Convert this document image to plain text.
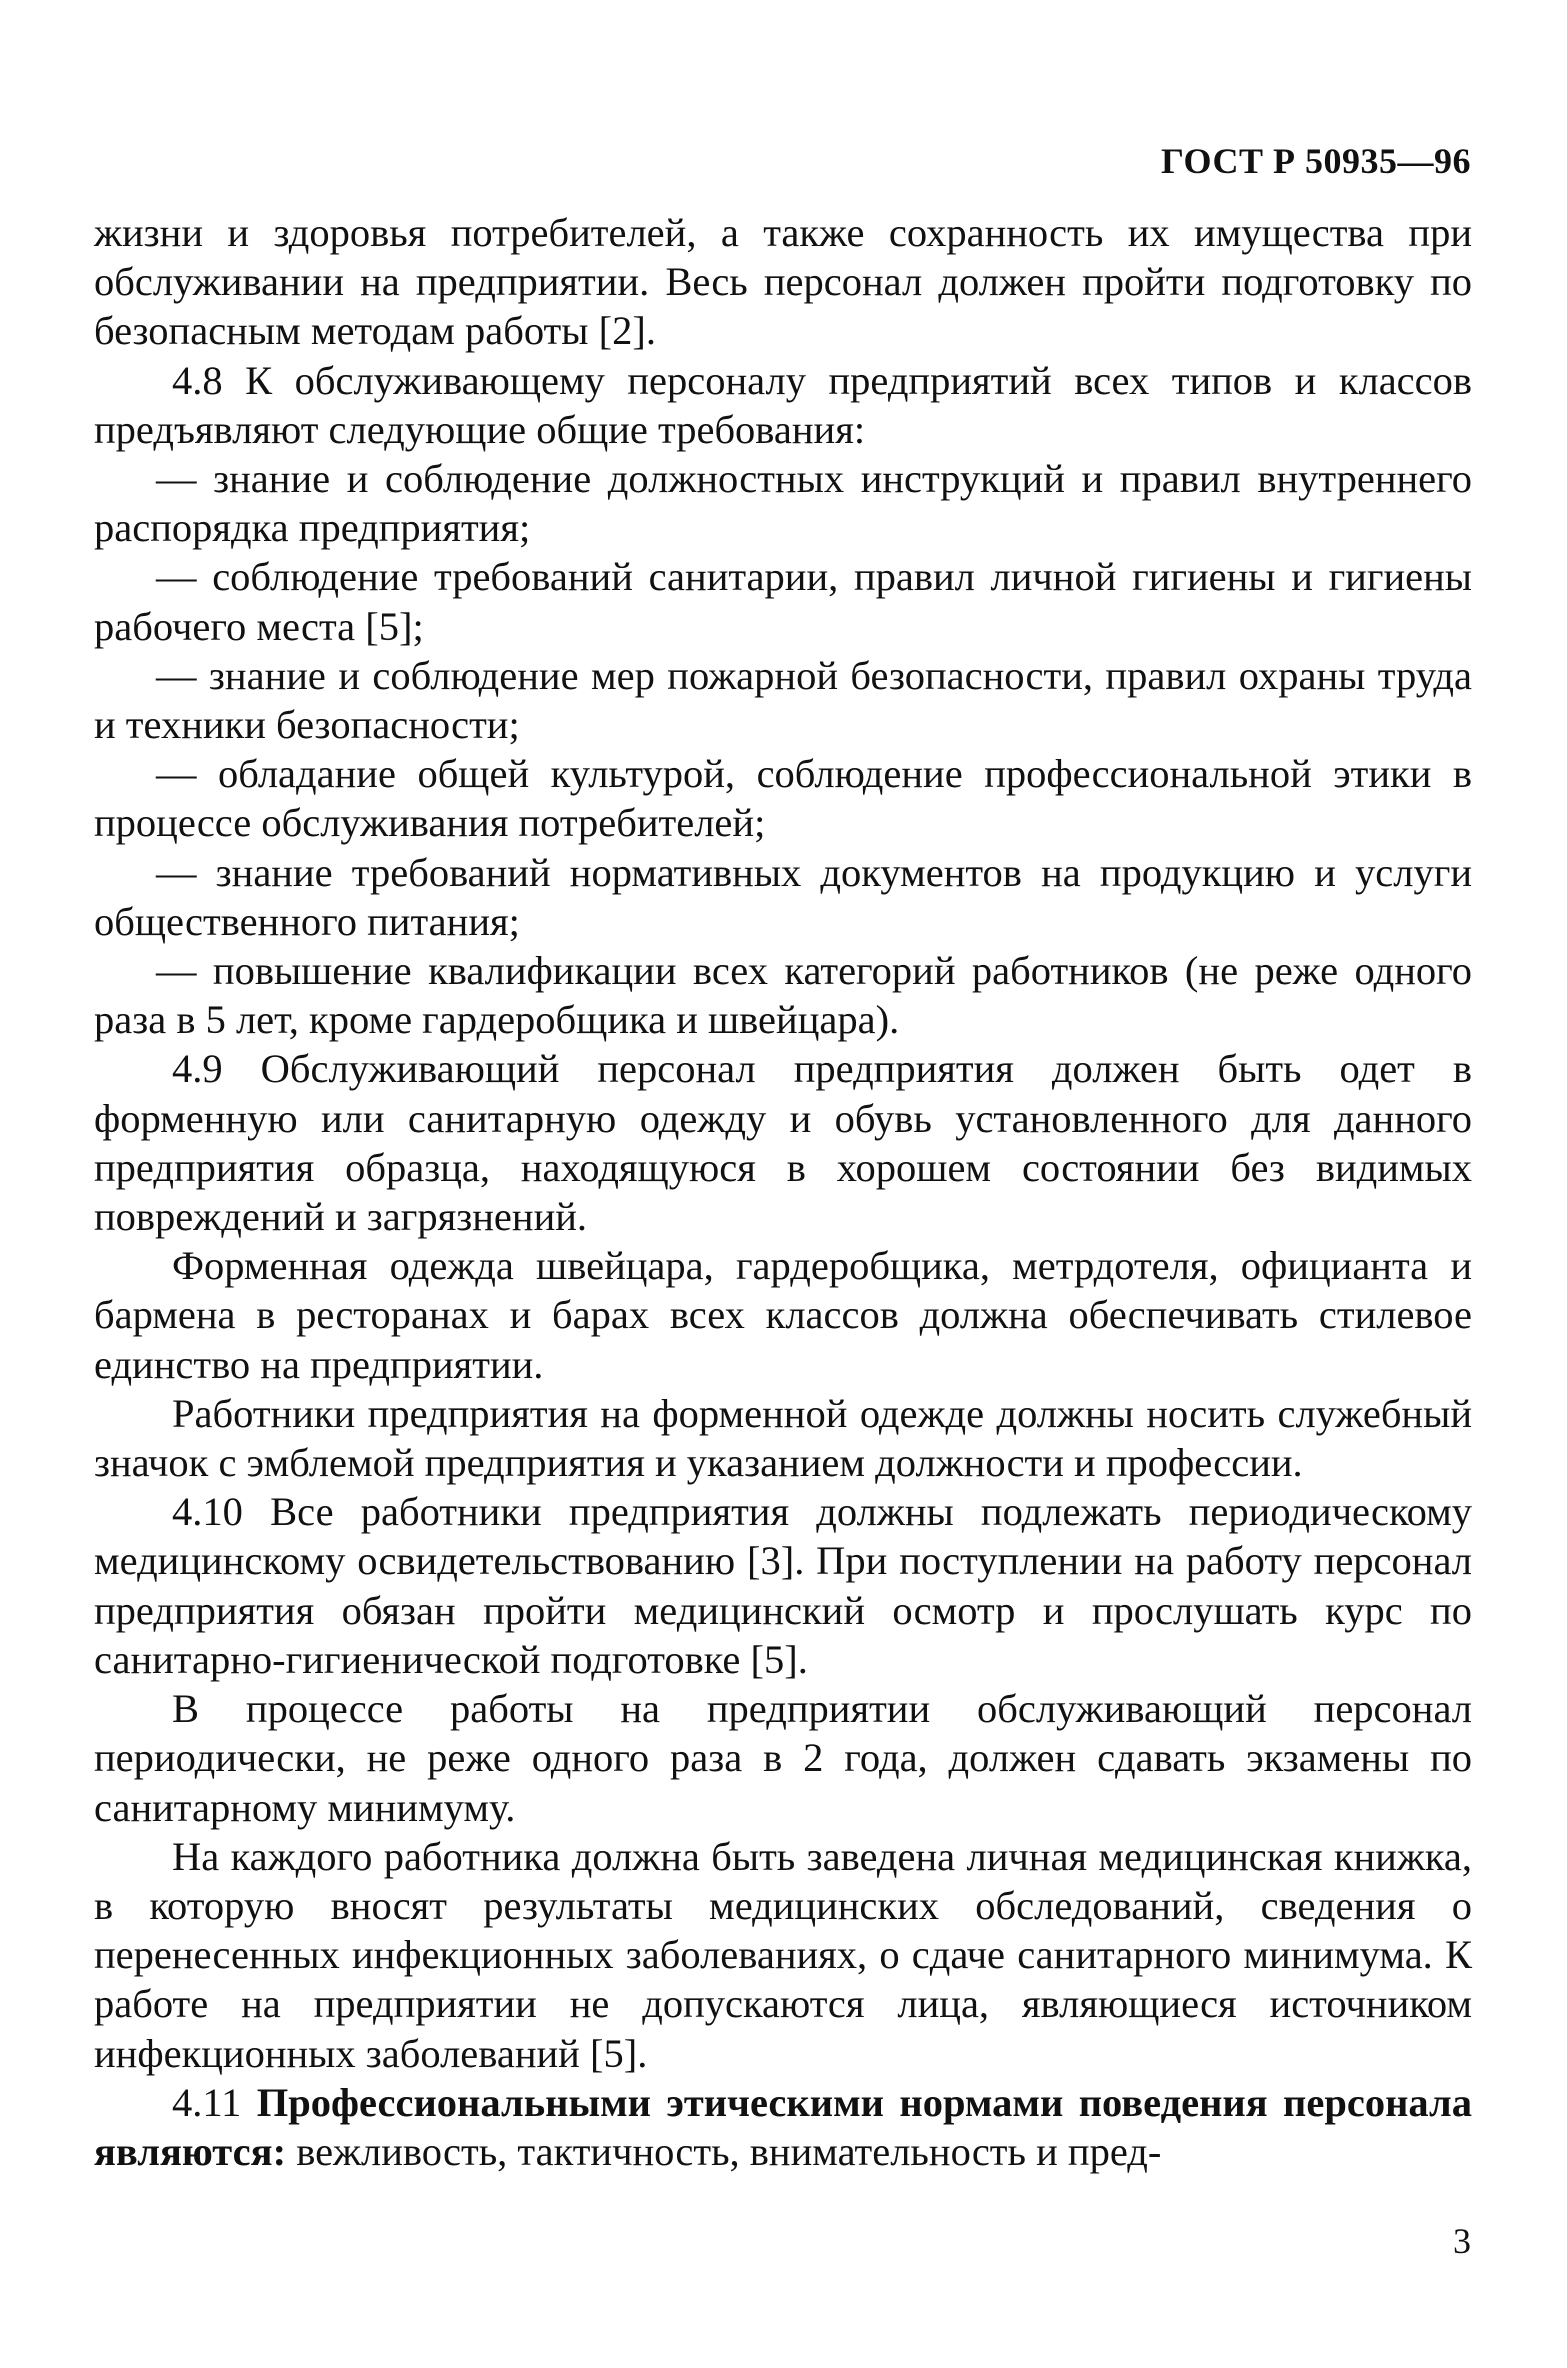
ГОСТ Р 50935—96

жизни и здоровья потребителей, а также сохранность их имущества при обслуживании на предприятии. Весь персонал должен пройти подготовку по безопасным методам работы [2].

4.8 К обслуживающему персоналу предприятий всех типов и классов предъявляют следующие общие требования:

— знание и соблюдение должностных инструкций и правил внутреннего распорядка предприятия;

— соблюдение требований санитарии, правил личной гигиены и гигиены рабочего места [5];

— знание и соблюдение мер пожарной безопасности, правил охраны труда и техники безопасности;

— обладание общей культурой, соблюдение профессиональной этики в процессе обслуживания потребителей;

— знание требований нормативных документов на продукцию и услуги общественного питания;

— повышение квалификации всех категорий работников (не реже одного раза в 5 лет, кроме гардеробщика и швейцара).

4.9 Обслуживающий персонал предприятия должен быть одет в форменную или санитарную одежду и обувь установленного для данного предприятия образца, находящуюся в хорошем состоянии без видимых повреждений и загрязнений.

Форменная одежда швейцара, гардеробщика, метрдотеля, официанта и бармена в ресторанах и барах всех классов должна обеспечивать стилевое единство на предприятии.

Работники предприятия на форменной одежде должны носить служебный значок с эмблемой предприятия и указанием должности и профессии.

4.10 Все работники предприятия должны подлежать периодическому медицинскому освидетельствованию [3]. При поступлении на работу персонал предприятия обязан пройти медицинский осмотр и прослушать курс по санитарно-гигиенической подготовке [5].

В процессе работы на предприятии обслуживающий персонал периодически, не реже одного раза в 2 года, должен сдавать экзамены по санитарному минимуму.

На каждого работника должна быть заведена личная медицинская книжка, в которую вносят результаты медицинских обследований, сведения о перенесенных инфекционных заболеваниях, о сдаче санитарного минимума. К работе на предприятии не допускаются лица, являющиеся источником инфекционных заболеваний [5].

4.11 Профессиональными этическими нормами поведения персонала являются: вежливость, тактичность, внимательность и пред-

3
